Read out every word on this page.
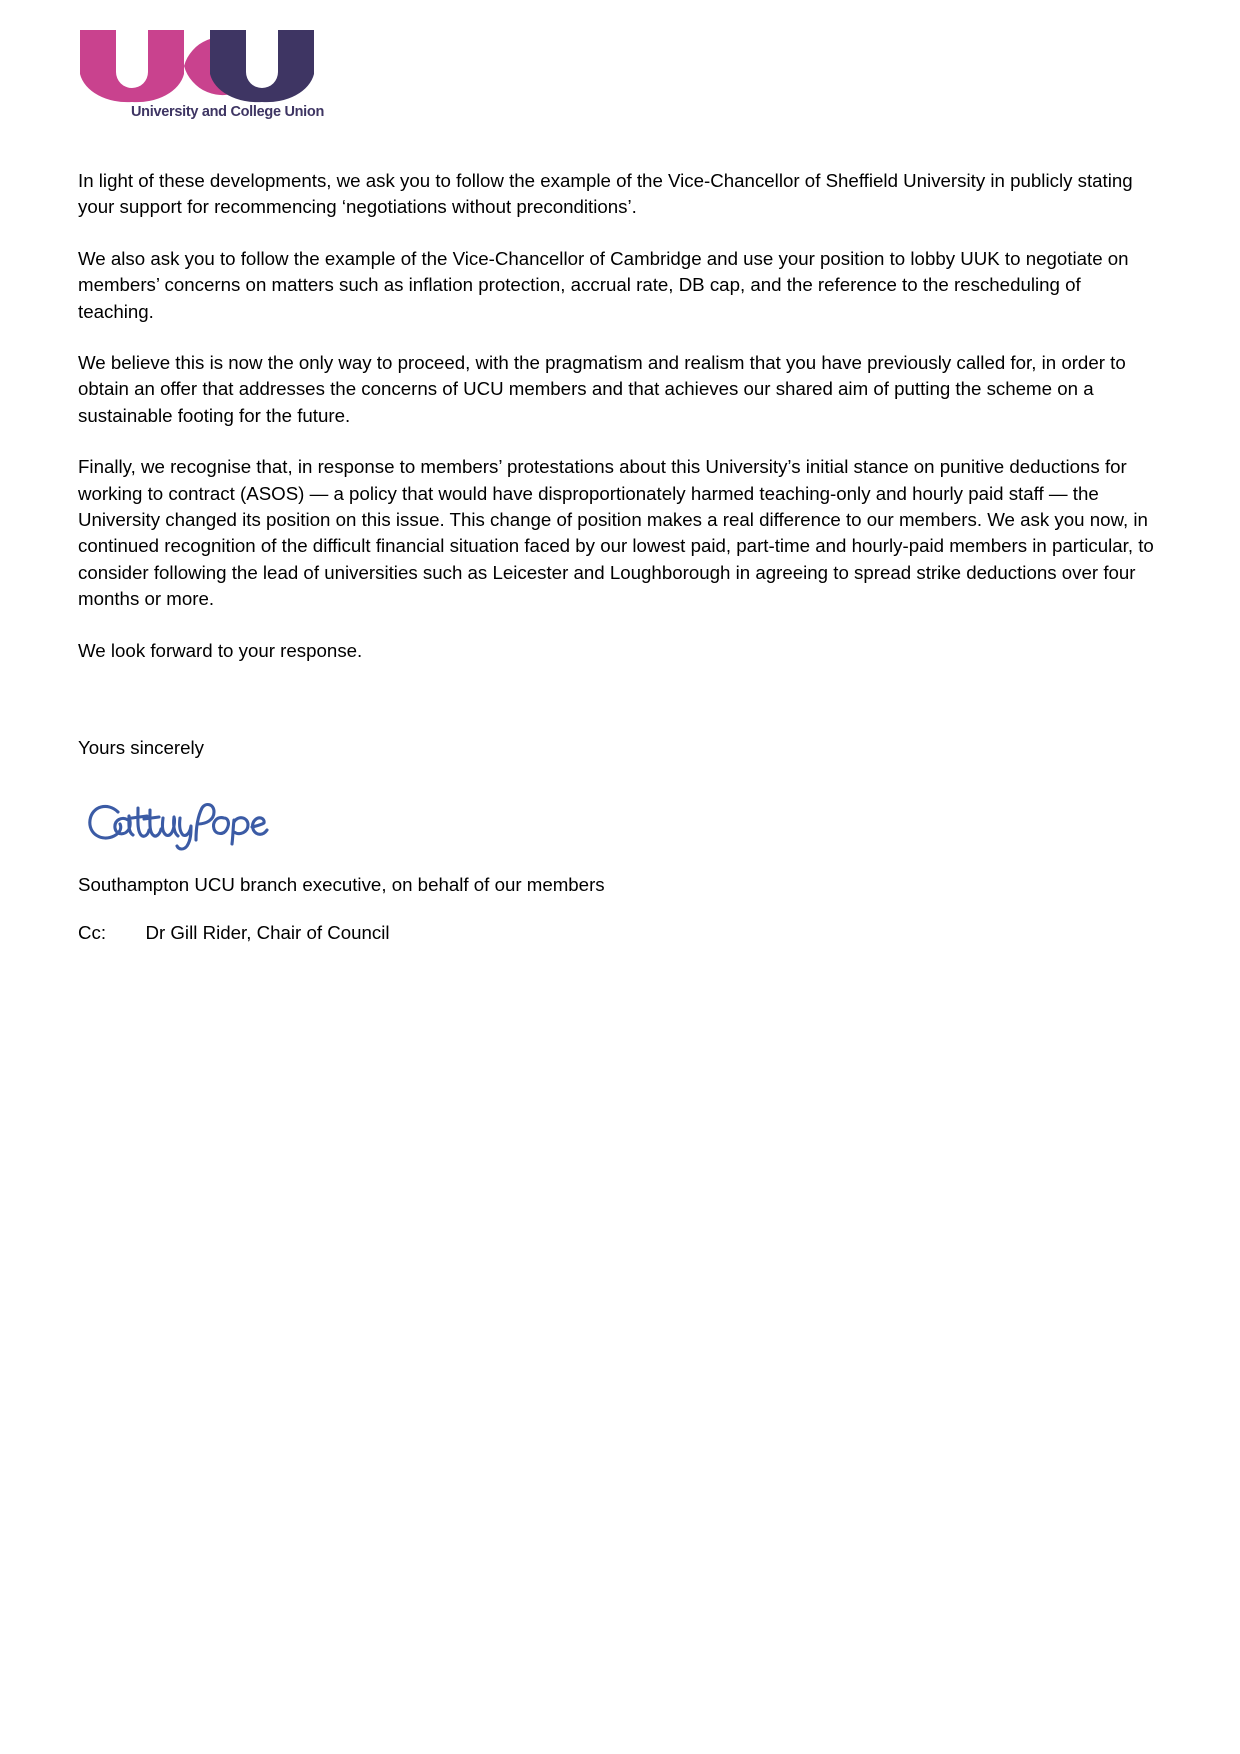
University and College Union

In light of these developments, we ask you to follow the example of the Vice-Chancellor of Sheffield University in publicly stating your support for recommencing ‘negotiations without preconditions’.

We also ask you to follow the example of the Vice-Chancellor of Cambridge and use your position to lobby UUK to negotiate on members’ concerns on matters such as inflation protection, accrual rate, DB cap, and the reference to the rescheduling of teaching.

We believe this is now the only way to proceed, with the pragmatism and realism that you have previously called for, in order to obtain an offer that addresses the concerns of UCU members and that achieves our shared aim of putting the scheme on a sustainable footing for the future.

Finally, we recognise that, in response to members’ protestations about this University’s initial stance on punitive deductions for working to contract (ASOS) — a policy that would have disproportionately harmed teaching-only and hourly paid staff — the University changed its position on this issue. This change of position makes a real difference to our members. We ask you now, in continued recognition of the difficult financial situation faced by our lowest paid, part-time and hourly-paid members in particular, to consider following the lead of universities such as Leicester and Loughborough in agreeing to spread strike deductions over four months or more.

We look forward to your response.

Yours sincerely

Southampton UCU branch executive, on behalf of our members

Cc:     Dr Gill Rider, Chair of Council
